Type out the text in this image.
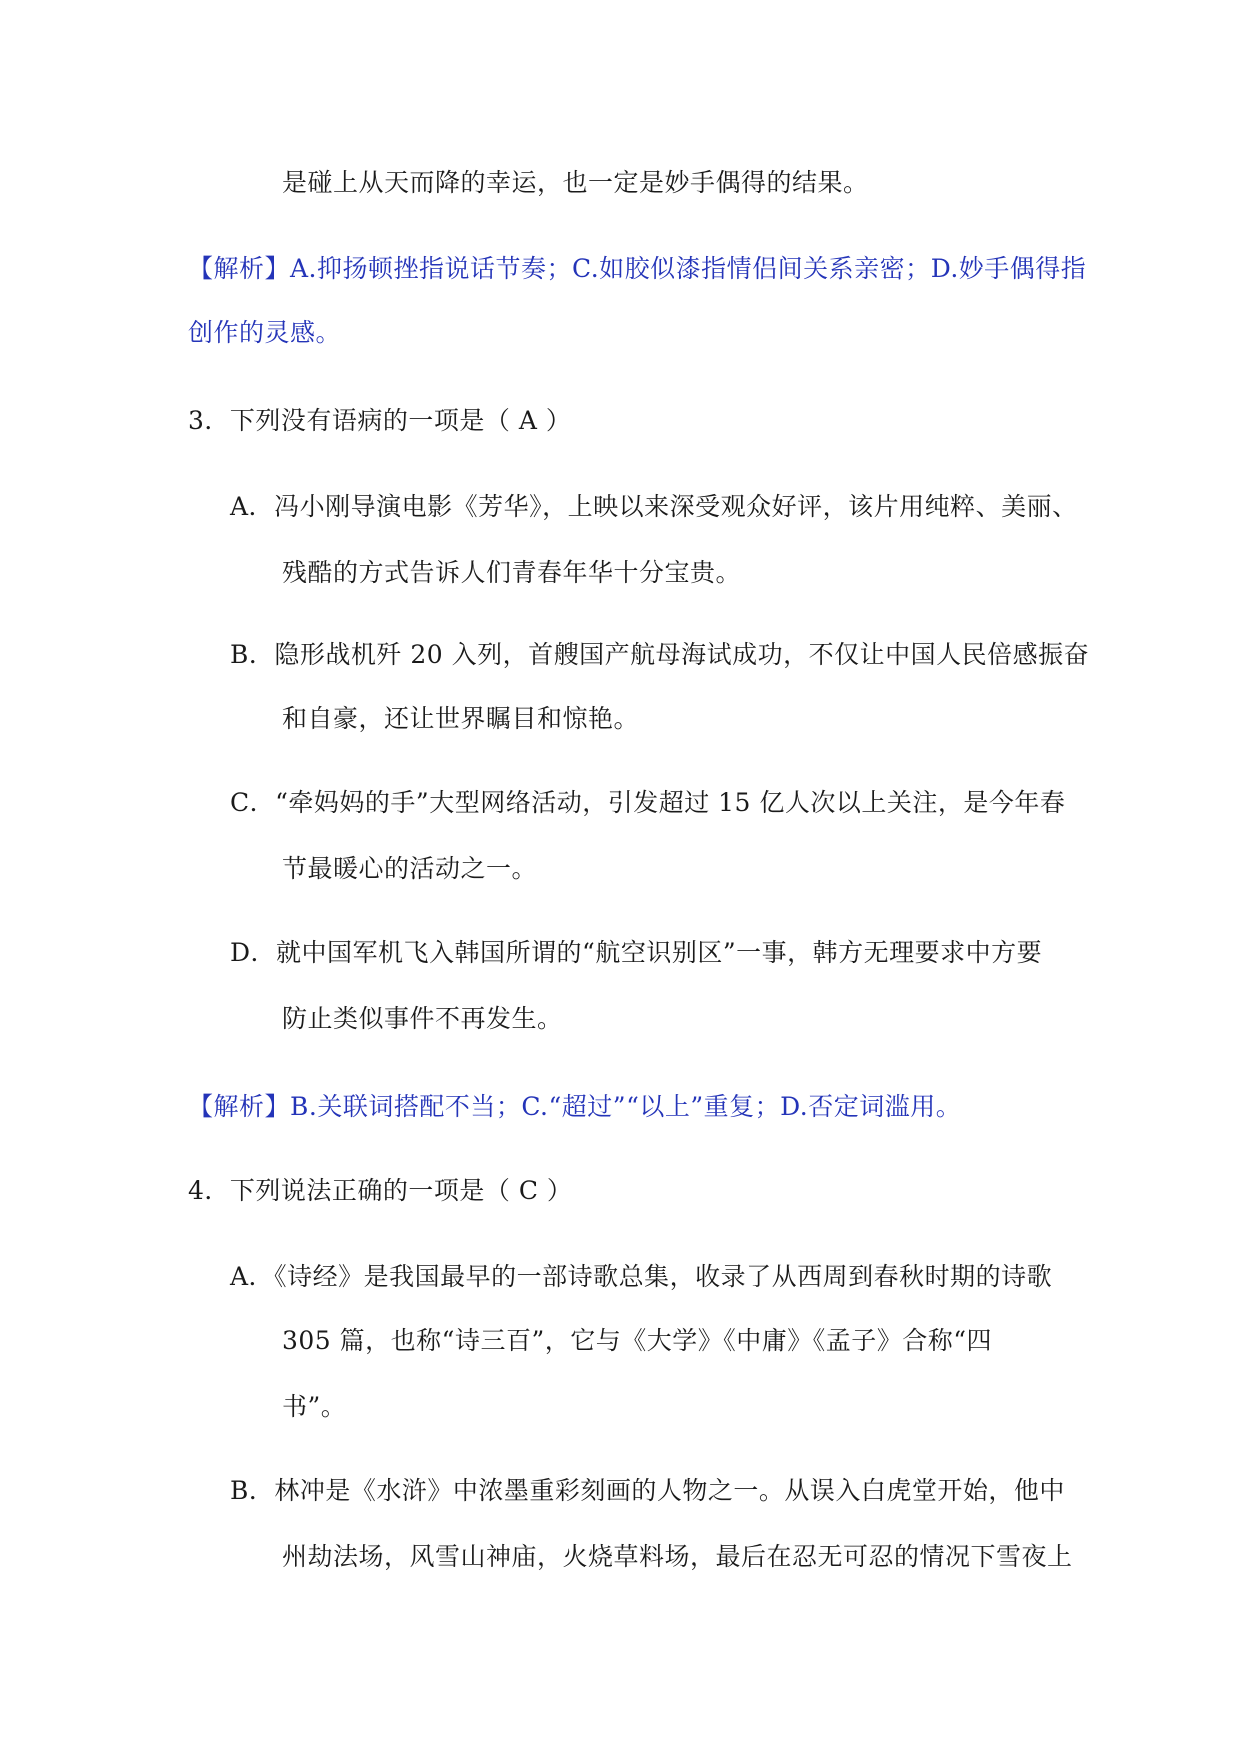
是碰上从天而降的幸运，也一定是妙手偶得的结果。
【解析】A.抑扬顿挫指说话节奏；C.如胶似漆指情侣间关系亲密；D.妙手偶得指
创作的灵感。
3．下列没有语病的一项是（ A ）
A．冯小刚导演电影《芳华》，上映以来深受观众好评，该片用纯粹、美丽、
残酷的方式告诉人们青春年华十分宝贵。
B．隐形战机歼 20 入列，首艘国产航母海试成功，不仅让中国人民倍感振奋
和自豪，还让世界瞩目和惊艳。
C．“牵妈妈的手”大型网络活动，引发超过 15 亿人次以上关注，是今年春
节最暖心的活动之一。
D．就中国军机飞入韩国所谓的“航空识别区”一事，韩方无理要求中方要
防止类似事件不再发生。
【解析】B.关联词搭配不当；C.“超过”“以上”重复；D.否定词滥用。
4．下列说法正确的一项是（ C ）
A．《诗经》是我国最早的一部诗歌总集，收录了从西周到春秋时期的诗歌
305 篇，也称“诗三百”，它与《大学》《中庸》《孟子》合称“四
书”。
B．林冲是《水浒》中浓墨重彩刻画的人物之一。从误入白虎堂开始，他中
州劫法场，风雪山神庙，火烧草料场，最后在忍无可忍的情况下雪夜上
